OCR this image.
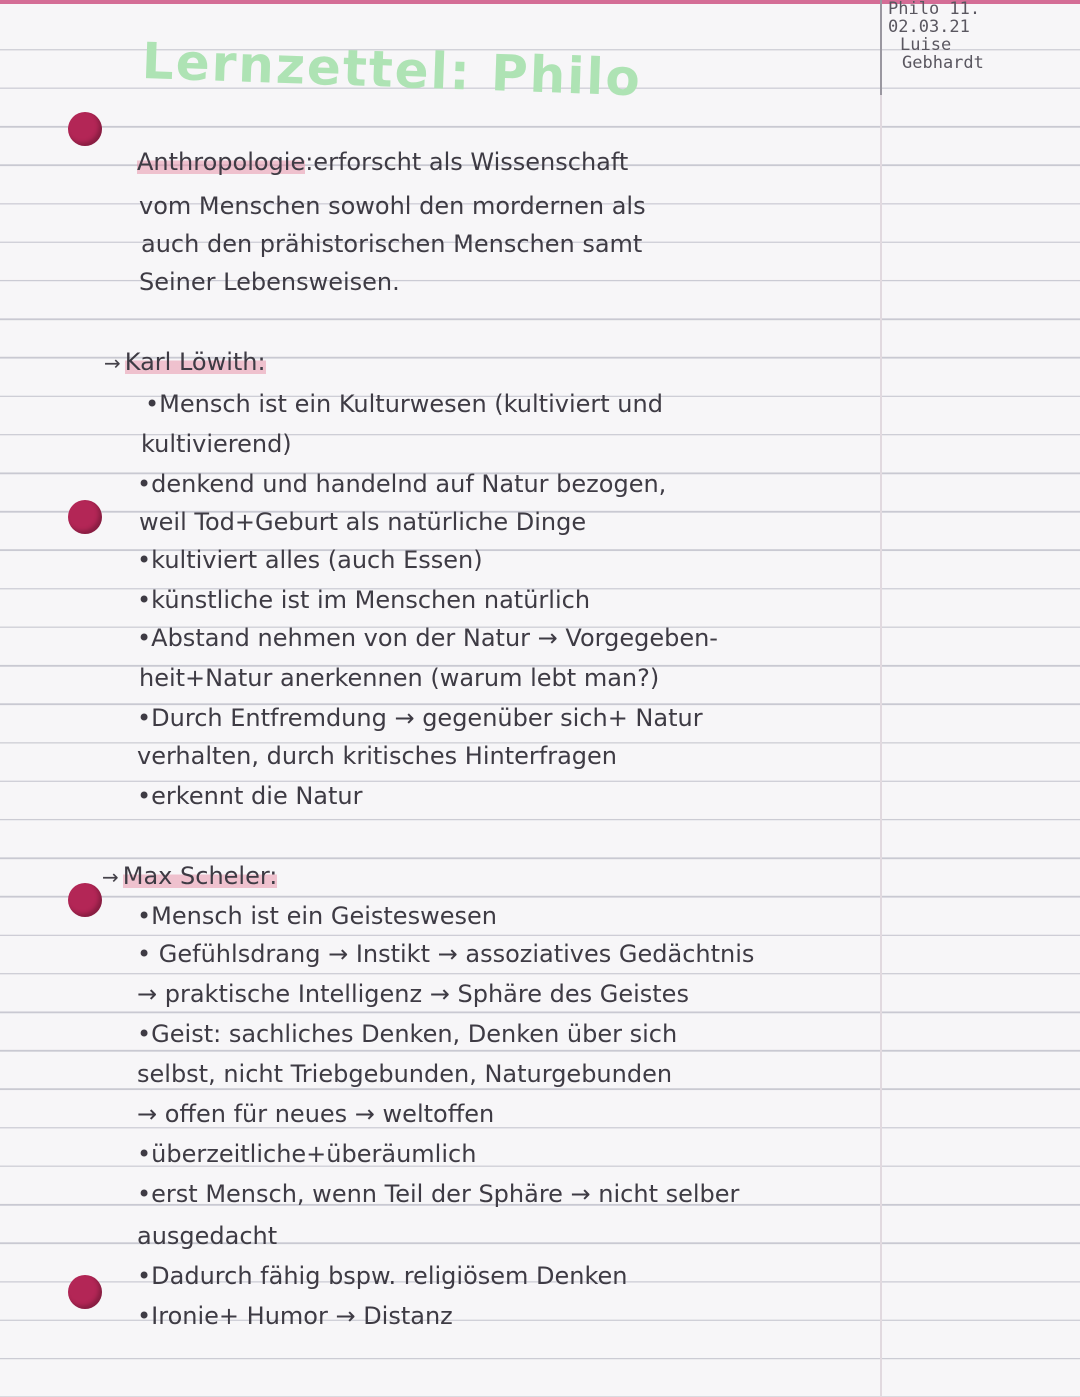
Lernzettel: Philo
Philo 11.
02.03.21
Luise
Gebhardt
Anthropologie:erforscht als Wissenschaft
vom Menschen sowohl den mordernen als
auch den prähistorischen Menschen samt
Seiner Lebensweisen.
→ Karl Löwith:
•Mensch ist ein Kulturwesen (kultiviert und
kultivierend)
•denkend und handelnd auf Natur bezogen,
weil Tod+Geburt als natürliche Dinge
•kultiviert alles (auch Essen)
•künstliche ist im Menschen natürlich
•Abstand nehmen von der Natur → Vorgegeben-
heit+Natur anerkennen (warum lebt man?)
•Durch Entfremdung → gegenüber sich+ Natur
verhalten, durch kritisches Hinterfragen
•erkennt die Natur
→ Max Scheler:
•Mensch ist ein Geisteswesen
• Gefühlsdrang → Instikt → assoziatives Gedächtnis
→ praktische Intelligenz → Sphäre des Geistes
•Geist: sachliches Denken, Denken über sich
selbst, nicht Triebgebunden, Naturgebunden
→ offen für neues → weltoffen
•überzeitliche+überäumlich
•erst Mensch, wenn Teil der Sphäre → nicht selber
ausgedacht
•Dadurch fähig bspw. religiösem Denken
•Ironie+ Humor → Distanz
